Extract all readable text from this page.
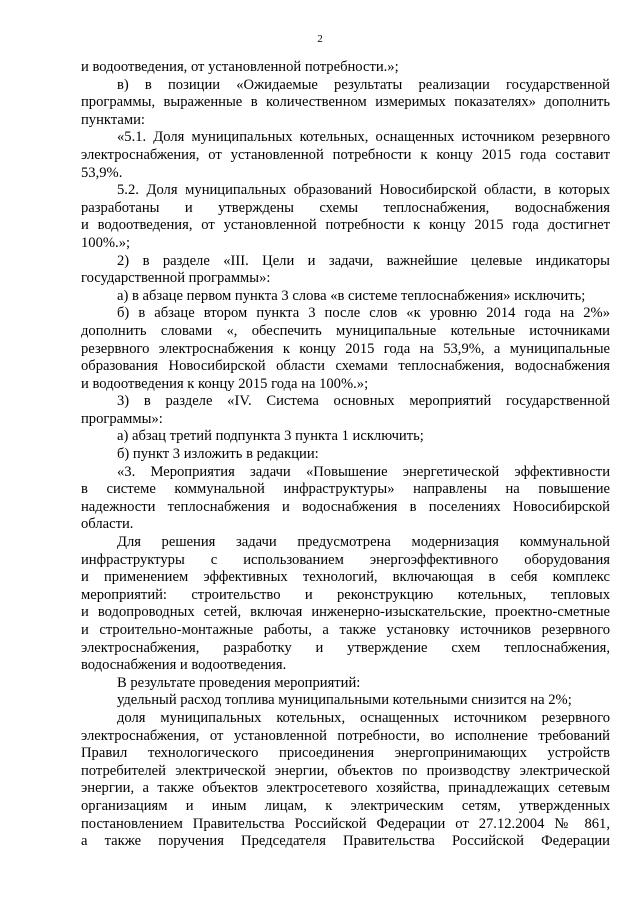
2

и водоотведения, от установленной потребности.»;

в) в позиции «Ожидаемые результаты реализации государственной

программы, выраженные в количественном измеримых показателях» дополнить

пунктами:

«5.1. Доля муниципальных котельных, оснащенных источником резервного

электроснабжения, от установленной потребности к концу 2015 года составит

53,9%.

5.2. Доля муниципальных образований Новосибирской области, в которых

разработаны и утверждены схемы теплоснабжения, водоснабжения

и водоотведения, от установленной потребности к концу 2015 года достигнет

100%.»;

2) в разделе «III. Цели и задачи, важнейшие целевые индикаторы

государственной программы»:

а) в абзаце первом пункта 3 слова «в системе теплоснабжения» исключить;

б) в абзаце втором пункта 3 после слов «к уровню 2014 года на 2%»

дополнить словами «, обеспечить муниципальные котельные источниками

резервного электроснабжения к концу 2015 года на 53,9%, а муниципальные

образования Новосибирской области схемами теплоснабжения, водоснабжения

и водоотведения к концу 2015 года на 100%.»;

3) в разделе «IV. Система основных мероприятий государственной

программы»:

а) абзац третий подпункта 3 пункта 1 исключить;

б) пункт 3 изложить в редакции:

«3. Мероприятия задачи «Повышение энергетической эффективности

в системе коммунальной инфраструктуры» направлены на повышение

надежности теплоснабжения и водоснабжения в поселениях Новосибирской

области.

Для решения задачи предусмотрена модернизация коммунальной

инфраструктуры с использованием энергоэффективного оборудования

и применением эффективных технологий, включающая в себя комплекс

мероприятий: строительство и реконструкцию котельных, тепловых

и водопроводных сетей, включая инженерно-изыскательские, проектно-сметные

и строительно-монтажные работы, а также установку источников резервного

электроснабжения, разработку и утверждение схем теплоснабжения,

водоснабжения и водоотведения.

В результате проведения мероприятий:

удельный расход топлива муниципальными котельными снизится на 2%;

доля муниципальных котельных, оснащенных источником резервного

электроснабжения, от установленной потребности, во исполнение требований

Правил технологического присоединения энергопринимающих устройств

потребителей электрической энергии, объектов по производству электрической

энергии, а также объектов электросетевого хозяйства, принадлежащих сетевым

организациям и иным лицам, к электрическим сетям, утвержденных

постановлением Правительства Российской Федерации от 27.12.2004 № 861,

а также поручения Председателя Правительства Российской Федерации
